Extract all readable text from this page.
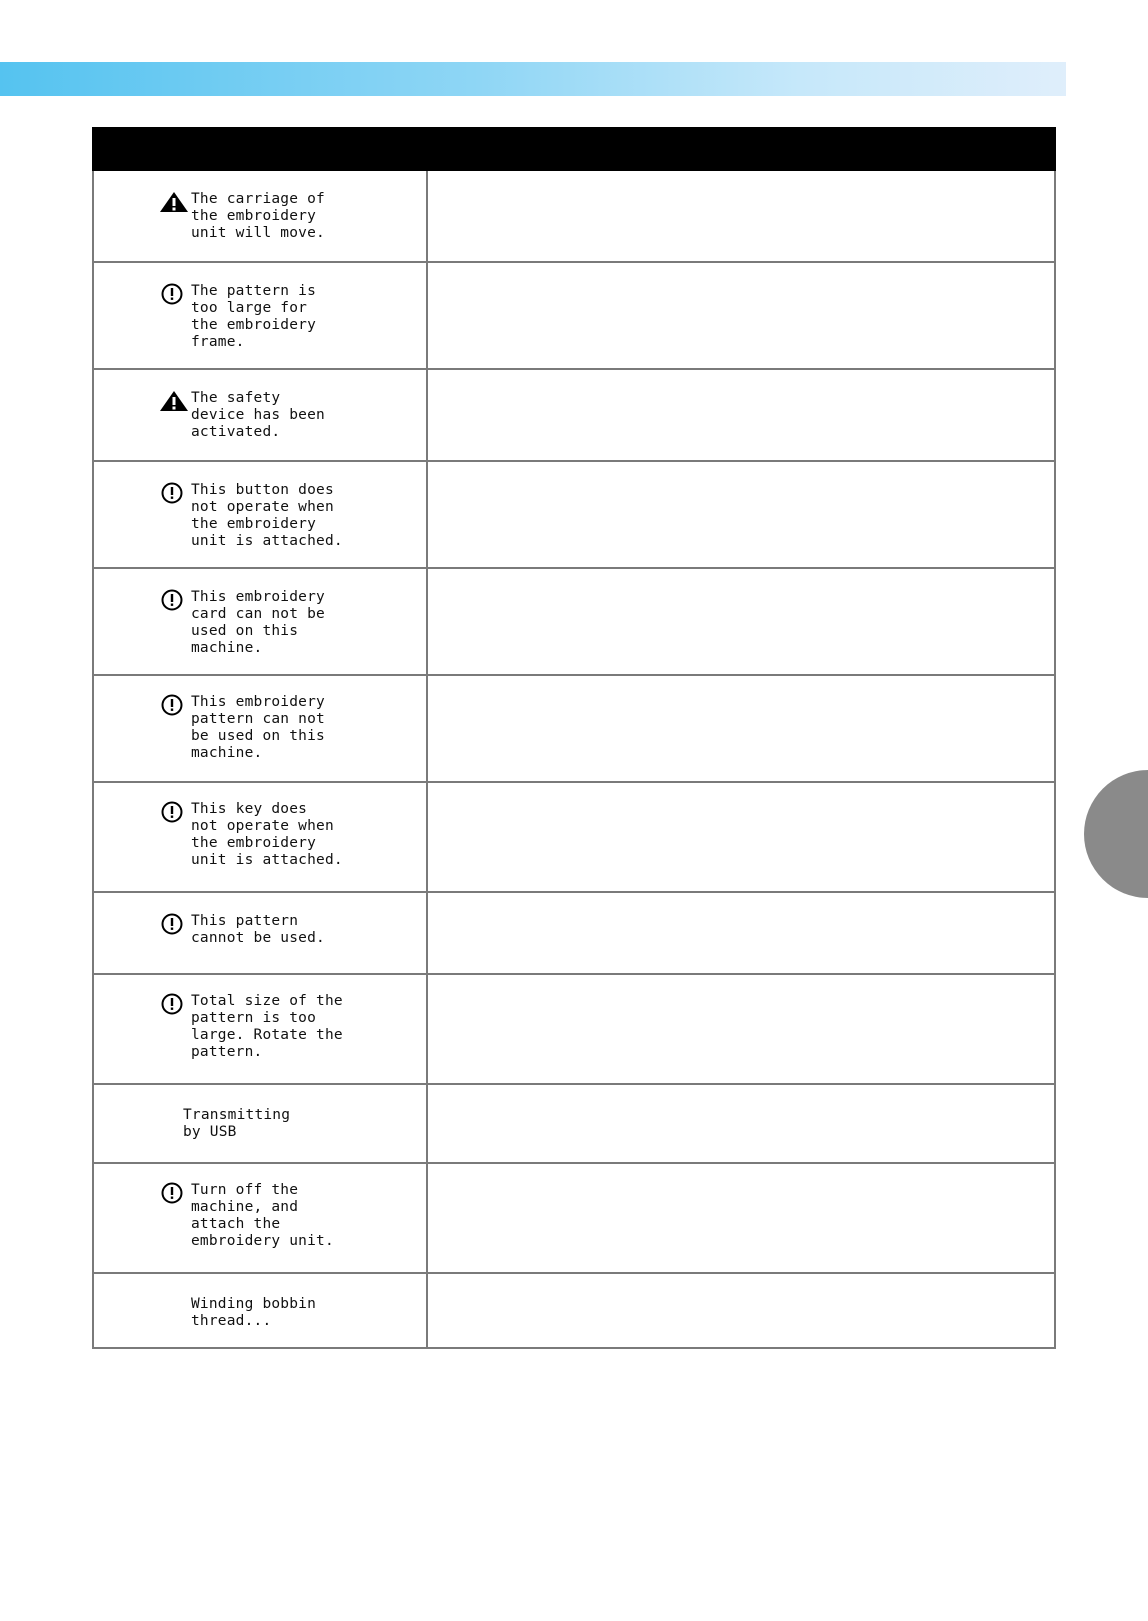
The carriage of
the embroidery
unit will move.	

The pattern is
too large for
the embroidery
frame.	

The safety
device has been
activated.	

This button does
not operate when
the embroidery
unit is attached.	

This embroidery
card can not be
used on this
machine.	

This embroidery
pattern can not
be used on this
machine.	

This key does
not operate when
the embroidery
unit is attached.	

This pattern
cannot be used.	

Total size of the
pattern is too
large. Rotate the
pattern.	

Transmitting
by USB	

Turn off the
machine, and
attach the
embroidery unit.	

Winding bobbin
thread...	
